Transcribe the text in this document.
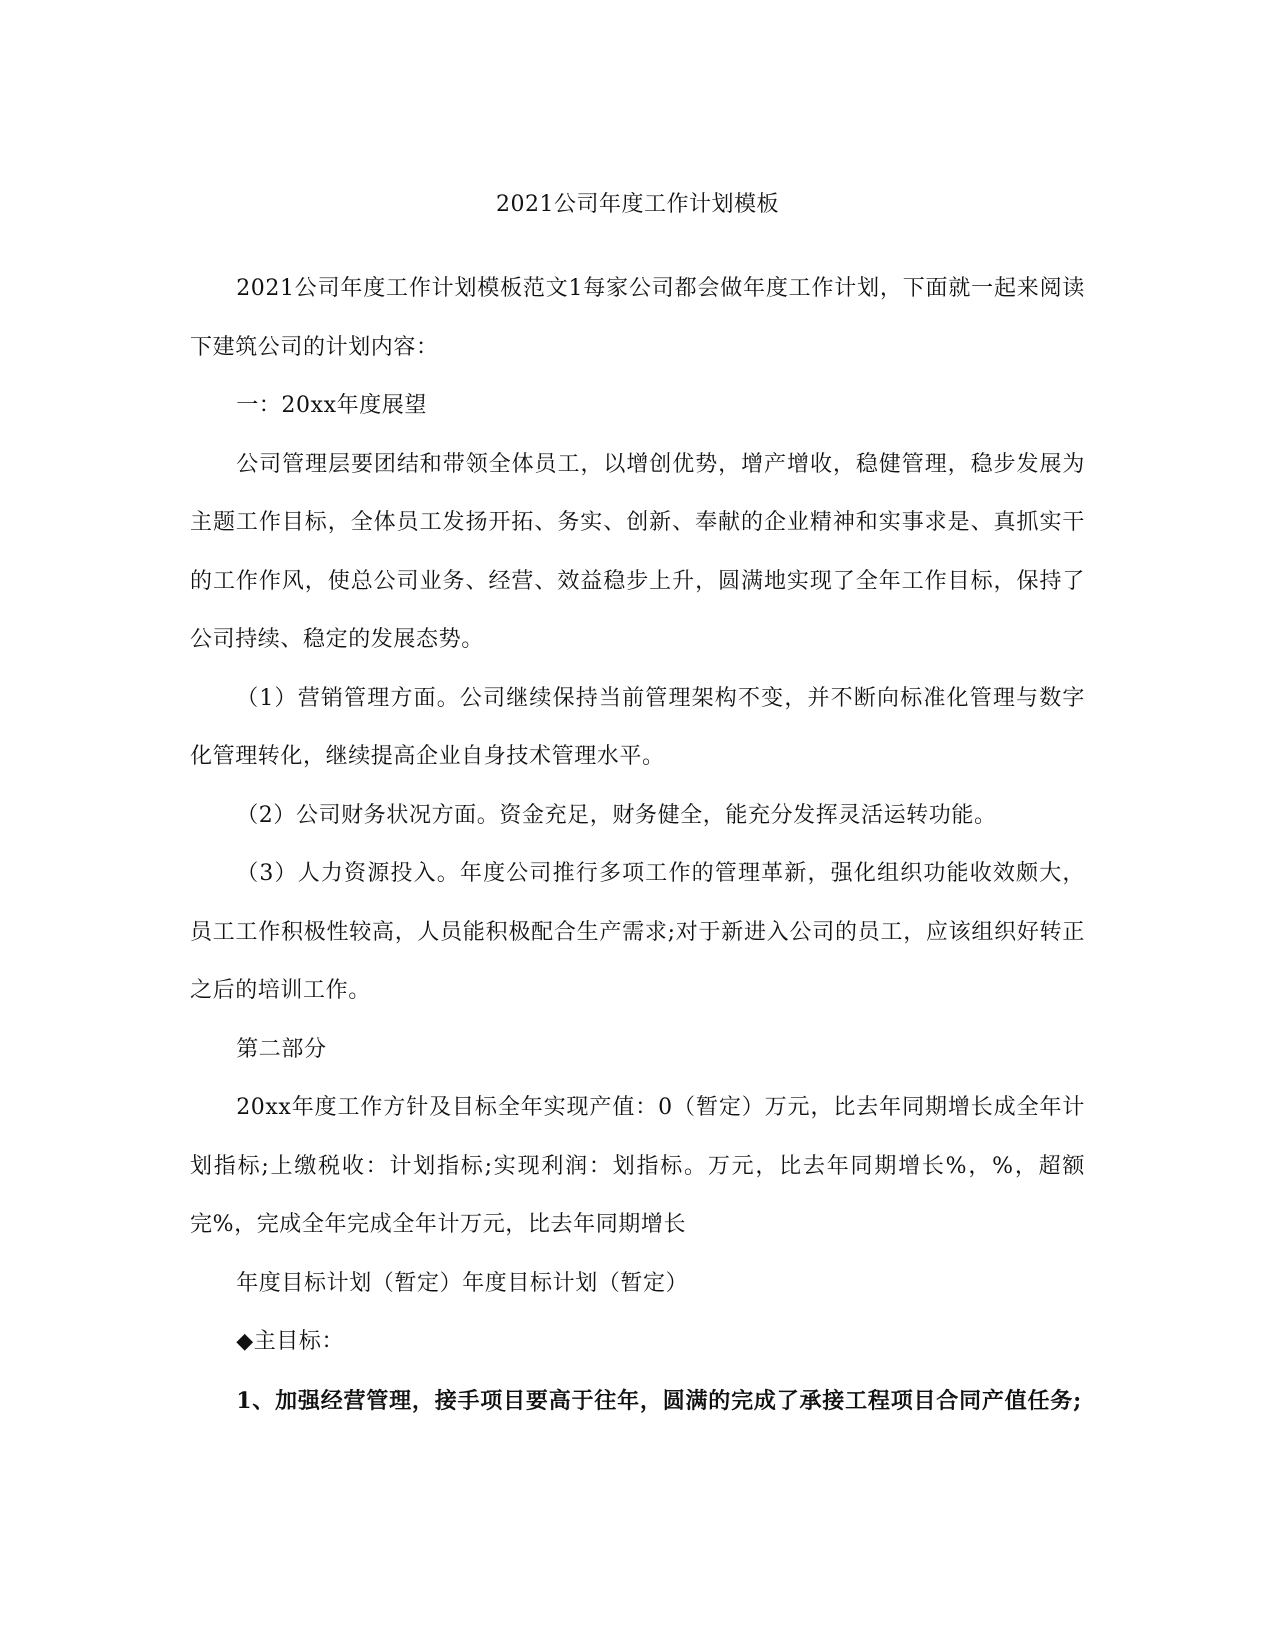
2021公司年度工作计划模板

2021公司年度工作计划模板范文1每家公司都会做年度工作计划，下面就一起来阅读下建筑公司的计划内容：

一：20xx年度展望

公司管理层要团结和带领全体员工，以增创优势，增产增收，稳健管理，稳步发展为主题工作目标，全体员工发扬开拓、务实、创新、奉献的企业精神和实事求是、真抓实干的工作作风，使总公司业务、经营、效益稳步上升，圆满地实现了全年工作目标，保持了公司持续、稳定的发展态势。

（1）营销管理方面。公司继续保持当前管理架构不变，并不断向标准化管理与数字化管理转化，继续提高企业自身技术管理水平。

（2）公司财务状况方面。资金充足，财务健全，能充分发挥灵活运转功能。

（3）人力资源投入。年度公司推行多项工作的管理革新，强化组织功能收效颇大，员工工作积极性较高，人员能积极配合生产需求;对于新进入公司的员工，应该组织好转正之后的培训工作。

第二部分

20xx年度工作方针及目标全年实现产值：0（暂定）万元，比去年同期增长成全年计划指标;上缴税收：计划指标;实现利润：划指标。万元，比去年同期增长%，%，超额完%，完成全年完成全年计万元，比去年同期增长

年度目标计划（暂定）年度目标计划（暂定）

◆主目标：

1、加强经营管理，接手项目要高于往年，圆满的完成了承接工程项目合同产值任务;
